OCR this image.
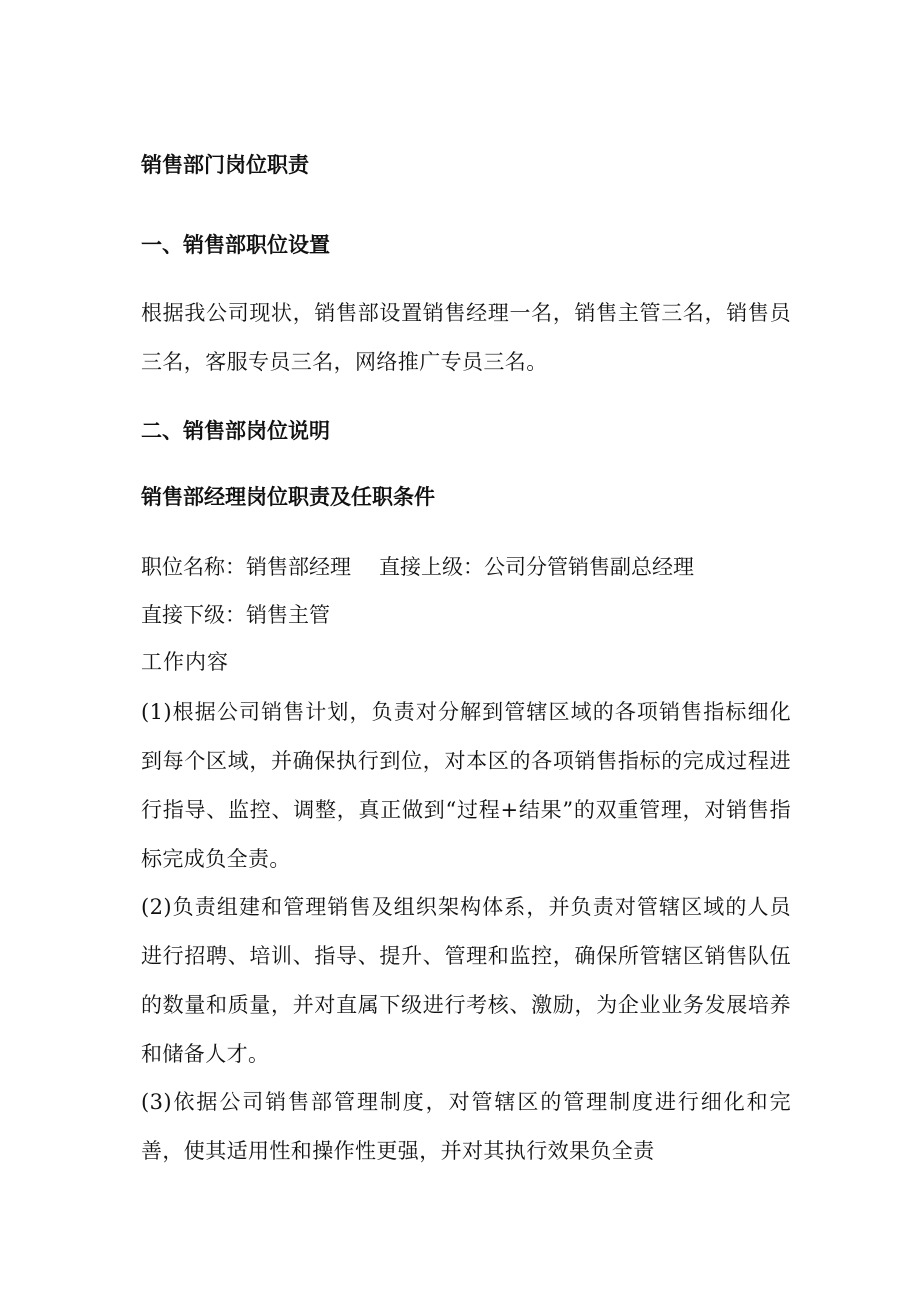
销售部门岗位职责
一、销售部职位设置

根据我公司现状，销售部设置销售经理一名，销售主管三名，销售员三名，客服专员三名，网络推广专员三名。

二、销售部岗位说明
销售部经理岗位职责及任职条件
职位名称：销售部经理 直接上级：公司分管销售副总经理
直接下级：销售主管
工作内容

(1)根据公司销售计划，负责对分解到管辖区域的各项销售指标细化到每个区域，并确保执行到位，对本区的各项销售指标的完成过程进行指导、监控、调整，真正做到“过程+结果”的双重管理，对销售指标完成负全责。

(2)负责组建和管理销售及组织架构体系，并负责对管辖区域的人员进行招聘、培训、指导、提升、管理和监控，确保所管辖区销售队伍的数量和质量，并对直属下级进行考核、激励，为企业业务发展培养和储备人才。

(3)依据公司销售部管理制度，对管辖区的管理制度进行细化和完善，使其适用性和操作性更强，并对其执行效果负全责
